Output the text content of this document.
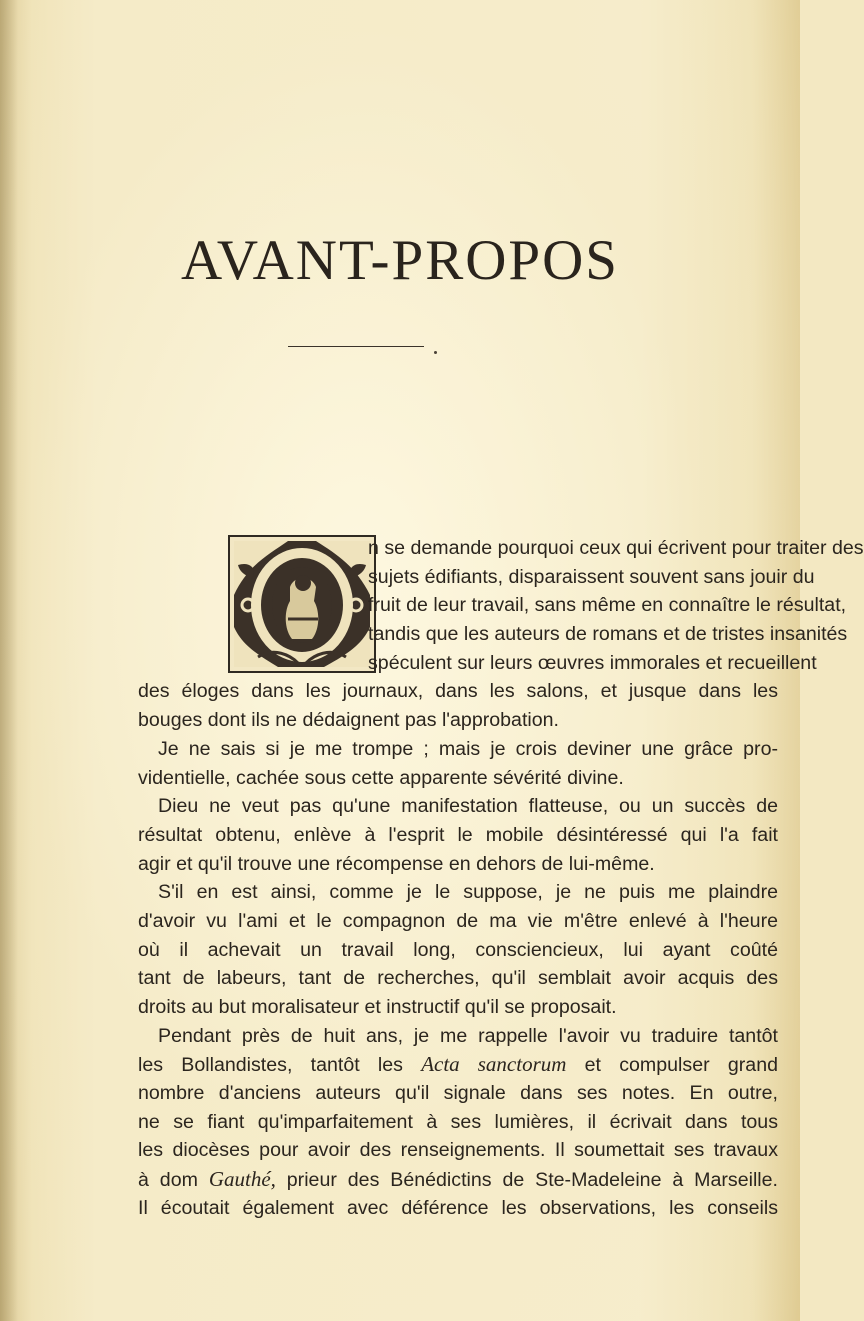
AVANT-PROPOS
n se demande pourquoi ceux qui écrivent pour traiter des
sujets édifiants, disparaissent souvent sans jouir du
fruit de leur travail, sans même en connaître le résultat,
tandis que les auteurs de romans et de tristes insanités
spéculent sur leurs œuvres immorales et recueillent
des éloges dans les journaux, dans les salons, et jusque dans les
bouges dont ils ne dédaignent pas l'approbation.
Je ne sais si je me trompe ; mais je crois deviner une grâce pro-
videntielle, cachée sous cette apparente sévérité divine.
Dieu ne veut pas qu'une manifestation flatteuse, ou un succès de
résultat obtenu, enlève à l'esprit le mobile désintéressé qui l'a fait
agir et qu'il trouve une récompense en dehors de lui-même.
S'il en est ainsi, comme je le suppose, je ne puis me plaindre
d'avoir vu l'ami et le compagnon de ma vie m'être enlevé à l'heure
où il achevait un travail long, consciencieux, lui ayant coûté
tant de labeurs, tant de recherches, qu'il semblait avoir acquis des
droits au but moralisateur et instructif qu'il se proposait.
Pendant près de huit ans, je me rappelle l'avoir vu traduire tantôt
les Bollandistes, tantôt les Acta sanctorum et compulser grand
nombre d'anciens auteurs qu'il signale dans ses notes. En outre,
ne se fiant qu'imparfaitement à ses lumières, il écrivait dans tous
les diocèses pour avoir des renseignements. Il soumettait ses travaux
à dom Gauthé, prieur des Bénédictins de Ste-Madeleine à Marseille.
Il écoutait également avec déférence les observations, les conseils
